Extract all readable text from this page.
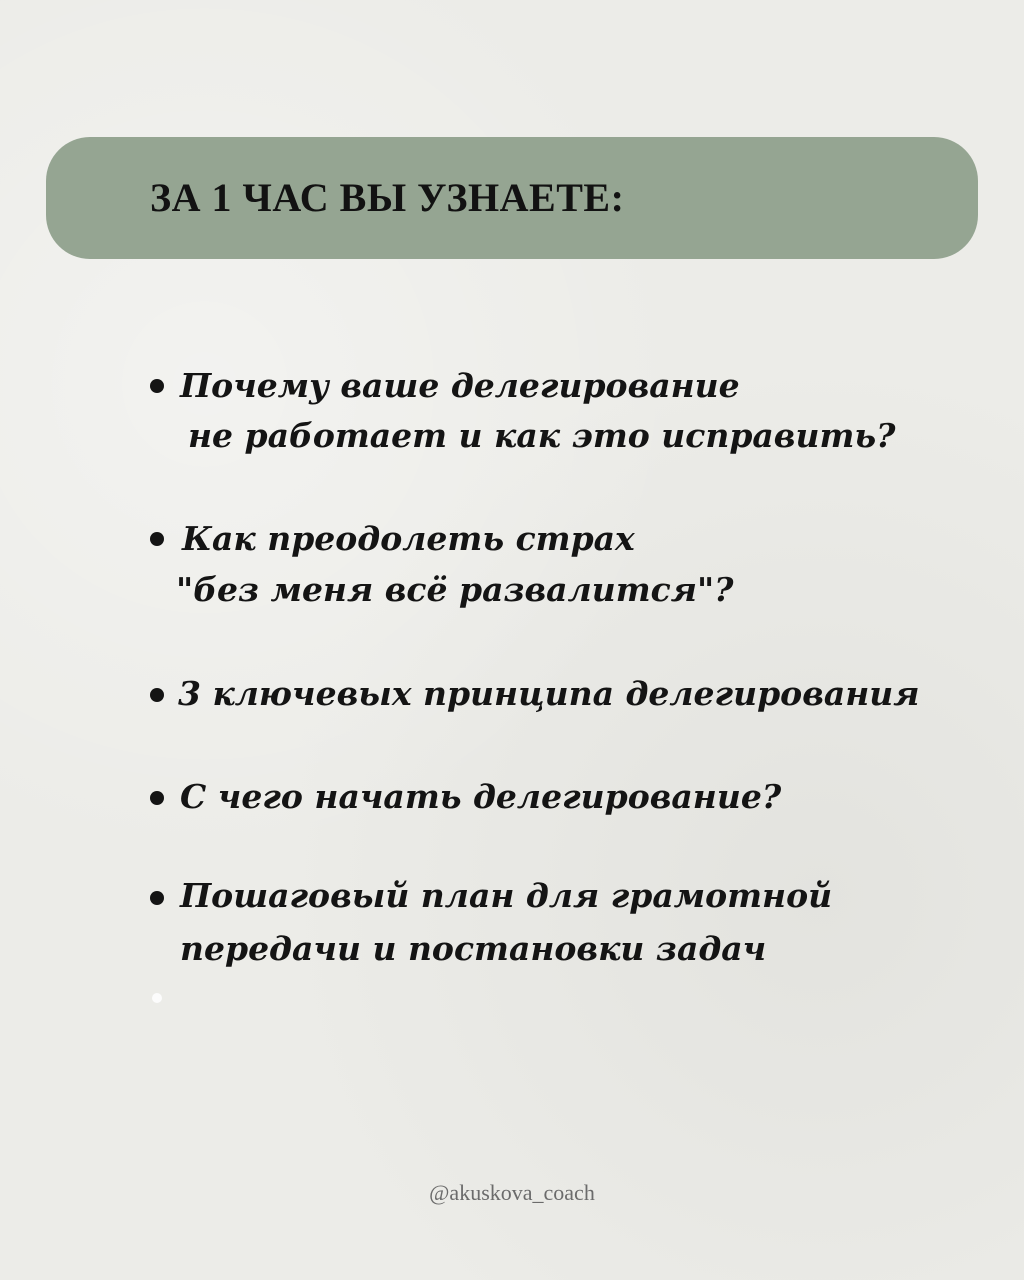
ЗА 1 ЧАС ВЫ УЗНАЕТЕ:
Почему ваше делегирование
не работает и как это исправить?
Как преодолеть страх
"без меня всё развалится"?
3 ключевых принципа делегирования
С чего начать делегирование?
Пошаговый план для грамотной
передачи и постановки задач
@akuskova_coach
